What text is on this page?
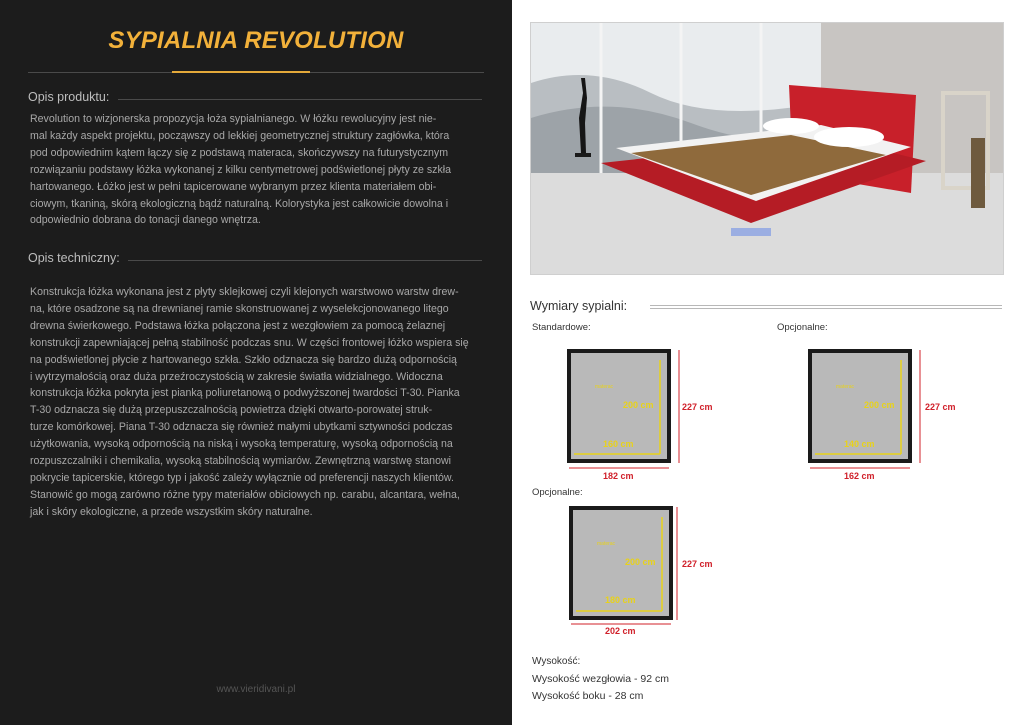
SYPIALNIA REVOLUTION
Opis produktu:

Revolution to wizjonerska propozycja łoża sypialnianego. W łóżku rewolucyjny jest nie-

mal każdy aspekt projektu, począwszy od lekkiej geometrycznej struktury zagłówka, która

pod odpowiednim kątem łączy się z podstawą materaca, skończywszy na futurystycznym

rozwiązaniu podstawy łóżka wykonanej z kilku centymetrowej podświetlonej płyty ze szkła

hartowanego. Łóżko jest w pełni tapicerowane wybranym przez klienta materiałem obi-

ciowym, tkaniną, skórą ekologiczną bądź naturalną. Kolorystyka jest całkowicie dowolna i

odpowiednio dobrana do tonacji danego wnętrza.

Opis techniczny:

Konstrukcja łóżka wykonana jest z płyty sklejkowej czyli klejonych warstwowo warstw drew-

na, które osadzone są na drewnianej ramie skonstruowanej z wyselekcjonowanego litego

drewna świerkowego. Podstawa łóżka połączona jest z wezgłowiem za pomocą żelaznej

konstrukcji zapewniającej pełną stabilność podczas snu. W części frontowej łóżko wspiera się

na podświetlonej płycie z hartowanego szkła. Szkło odznacza się bardzo dużą odpornością

i wytrzymałością oraz duża przeźroczystością w zakresie światła widzialnego. Widoczna

konstrukcja łóżka pokryta jest pianką poliuretanową o podwyższonej twardości T-30. Pianka

T-30 odznacza się dużą przepuszczalnością powietrza dzięki otwarto-porowatej struk-

turze komórkowej. Piana T-30 odznacza się również małymi ubytkami sztywności podczas

użytkowania, wysoką odpornością na niską i wysoką temperaturę, wysoką odpornością na

rozpuszczalniki i chemikalia, wysoką stabilnością wymiarów. Zewnętrzną warstwę stanowi

pokrycie tapicerskie, którego typ i jakość zależy wyłącznie od preferencji naszych klientów.

Stanowić go mogą zarówno różne typy materiałów obiciowych np. carabu, alcantara, wełna,

jak i skóry ekologiczne, a przede wszystkim skóry naturalne.

www.vieridivani.pl
Wymiary sypialni:
Standardowe:
materac
200 cm
160 cm
227 cm
182 cm
Opcjonalne:
materac
200 cm
140 cm
227 cm
162 cm
Opcjonalne:
materac
200 cm
180 cm
227 cm
202 cm
Wysokość:
Wysokość wezgłowia - 92 cm
Wysokość boku - 28 cm
